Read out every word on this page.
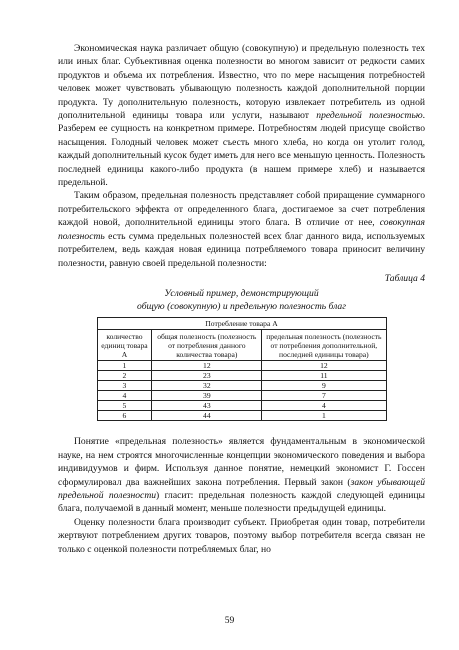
Экономическая наука различает общую (совокупную) и предельную полезность тех или иных благ. Субъективная оценка полезности во многом зависит от редкости самих продуктов и объема их потребления. Известно, что по мере насыщения потребностей человек может чувствовать убывающую полезность каждой дополнительной порции продукта. Ту дополнительную полезность, которую извлекает потребитель из одной дополнительной единицы товара или услуги, называют предельной полезностью. Разберем ее сущность на конкретном примере. Потребностям людей присуще свойство насыщения. Голодный человек может съесть много хлеба, но когда он утолит голод, каждый дополнительный кусок будет иметь для него все меньшую ценность. Полезность последней единицы какого-либо продукта (в нашем примере хлеб) и называется предельной.

Таким образом, предельная полезность представляет собой приращение суммарного потребительского эффекта от определенного блага, достигаемое за счет потребления каждой новой, дополнительной единицы этого блага. В отличие от нее, совокупная полезность есть сумма предельных полезностей всех благ данного вида, используемых потребителем, ведь каждая новая единица потребляемого товара приносит величину полезности, равную своей предельной полезности:

Таблица 4
Условный пример, демонстрирующий
общую (совокупную) и предельную полезность благ
Потребление товара А		
количество единиц товара А	общая полезность (полезность от потребления данного количества товара)	предельная полезность (полезность от потребления дополнительной, последней единицы товара)
1	12	12
2	23	11
3	32	9
4	39	7
5	43	4
6	44	1

Понятие «предельная полезность» является фундаментальным в экономической науке, на нем строятся многочисленные концепции экономического поведения и выбора индивидуумов и фирм. Используя данное понятие, немецкий экономист Г. Госсен сформулировал два важнейших закона потребления. Первый закон (закон убывающей предельной полезности) гласит: предельная полезность каждой следующей единицы блага, получаемой в данный момент, меньше полезности предыдущей единицы.

Оценку полезности блага производит субъект. Приобретая один товар, потребители жертвуют потреблением других товаров, поэтому выбор потребителя всегда связан не только с оценкой полезности потребляемых благ, но

59
